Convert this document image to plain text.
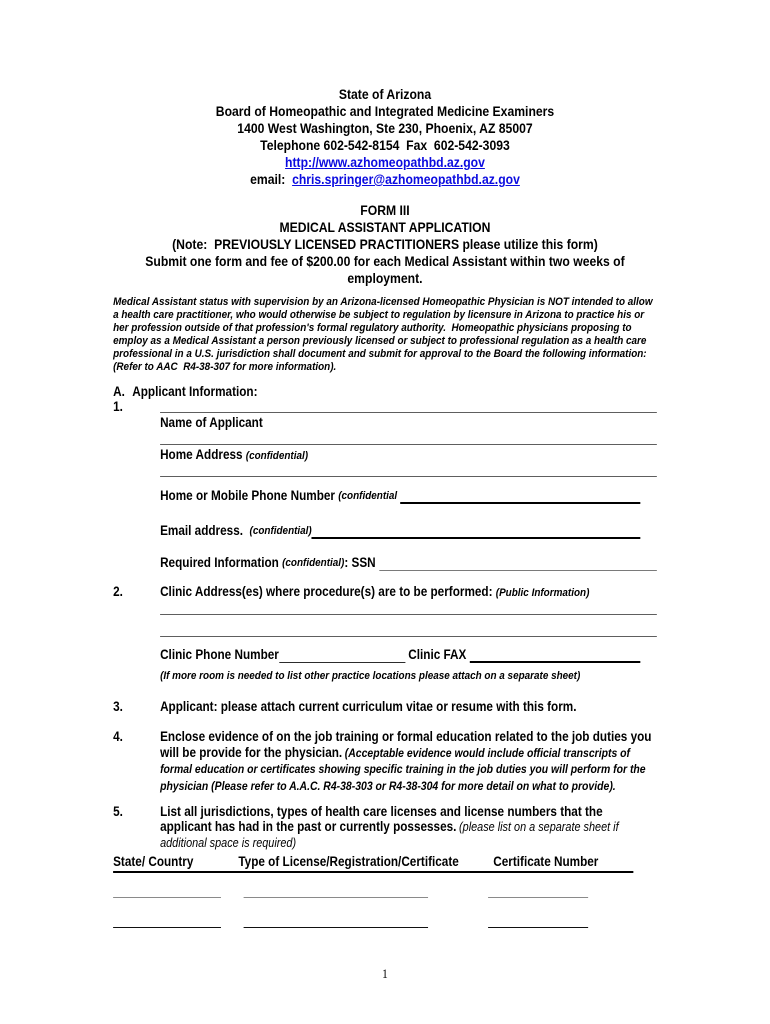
State of Arizona
Board of Homeopathic and Integrated Medicine Examiners
1400 West Washington, Ste 230, Phoenix, AZ 85007
Telephone 602-542-8154  Fax  602-542-3093
http://www.azhomeopathbd.az.gov
email:  chris.springer@azhomeopathbd.az.gov
FORM III
MEDICAL ASSISTANT APPLICATION
(Note:  PREVIOUSLY LICENSED PRACTITIONERS please utilize this form)
Submit one form and fee of $200.00 for each Medical Assistant within two weeks of employment.
Medical Assistant status with supervision by an Arizona-licensed Homeopathic Physician is NOT intended to allow a health care practitioner, who would otherwise be subject to regulation by licensure in Arizona to practice his or her profession outside of that profession's formal regulatory authority.  Homeopathic physicians proposing to employ as a Medical Assistant a person previously licensed or subject to professional regulation as a health care professional in a U.S. jurisdiction shall document and submit for approval to the Board the following information:  (Refer to AAC  R4-38-307 for more information).
A. Applicant Information:
1.
Name of Applicant
Home Address (confidential)
Home or Mobile Phone Number (confidential
Email address. (confidential)
Required Information (confidential) : SSN
2.	Clinic Address(es) where procedure(s) are to be performed: (Public Information)
Clinic Phone Number	Clinic FAX
(If more room is needed to list other practice locations please attach on a separate sheet)
3.	Applicant: please attach current curriculum vitae or resume with this form.
4.	Enclose evidence of on the job training or formal education related to the job duties you will be provide for the physician. (Acceptable evidence would include official transcripts of formal education or certificates showing specific training in the job duties you will perform for the physician (Please refer to A.A.C. R4-38-303 or R4-38-304 for more detail on what to provide).
5.	List all jurisdictions, types of health care licenses and license numbers that the applicant has had in the past or currently possesses. (please list on a separate sheet if additional space is required)
State/ Country	Type of License/Registration/Certificate	Certificate Number
1
